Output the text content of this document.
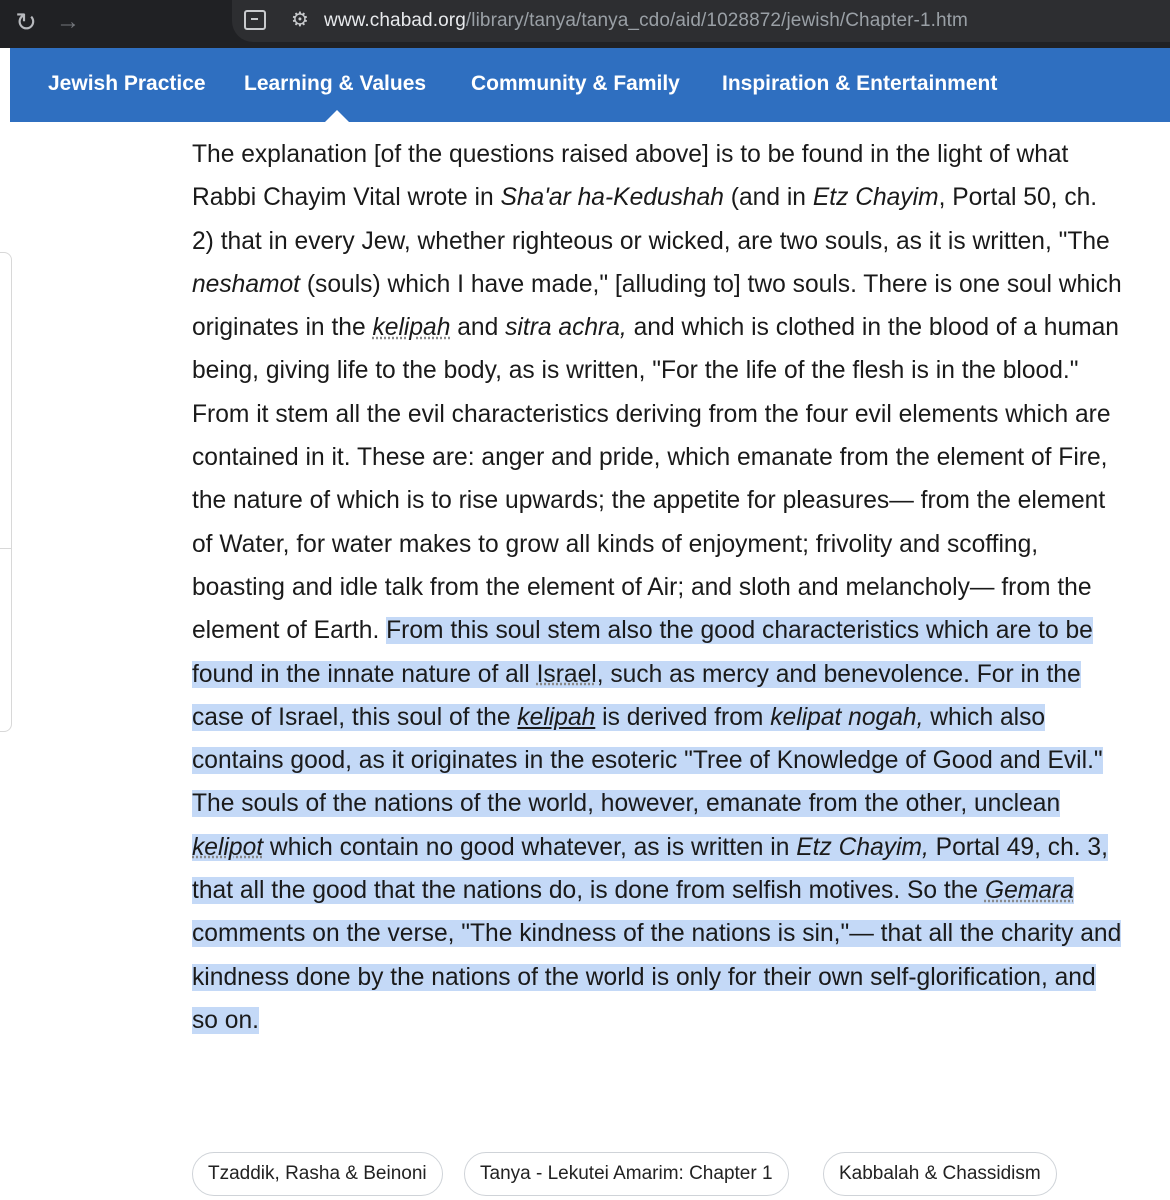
↻ →	⚙ www.chabad.org/library/tanya/tanya_cdo/aid/1028872/jewish/Chapter-1.htm
Jewish Practice Learning & Values Community & Family Inspiration & Entertainment
The explanation [of the questions raised above] is to be found in the light of what Rabbi Chayim Vital wrote in Sha'ar ha-Kedushah (and in Etz Chayim, Portal 50, ch. 2) that in every Jew, whether righteous or wicked, are two souls, as it is written, "The neshamot (souls) which I have made," [alluding to] two souls. There is one soul which originates in the kelipah and sitra achra, and which is clothed in the blood of a human being, giving life to the body, as is written, "For the life of the flesh is in the blood." From it stem all the evil characteristics deriving from the four evil elements which are contained in it. These are: anger and pride, which emanate from the element of Fire, the nature of which is to rise upwards; the appetite for pleasures— from the element of Water, for water makes to grow all kinds of enjoyment; frivolity and scoffing, boasting and idle talk from the element of Air; and sloth and melancholy— from the element of Earth. From this soul stem also the good characteristics which are to be found in the innate nature of all Israel, such as mercy and benevolence. For in the case of Israel, this soul of the kelipah is derived from kelipat nogah, which also contains good, as it originates in the esoteric "Tree of Knowledge of Good and Evil." The souls of the nations of the world, however, emanate from the other, unclean kelipot which contain no good whatever, as is written in Etz Chayim, Portal 49, ch. 3, that all the good that the nations do, is done from selfish motives. So the Gemara comments on the verse, "The kindness of the nations is sin,"— that all the charity and kindness done by the nations of the world is only for their own self-glorification, and so on.
Tzaddik, Rasha & Beinoni	Tanya - Lekutei Amarim: Chapter 1	Kabbalah & Chassidism
